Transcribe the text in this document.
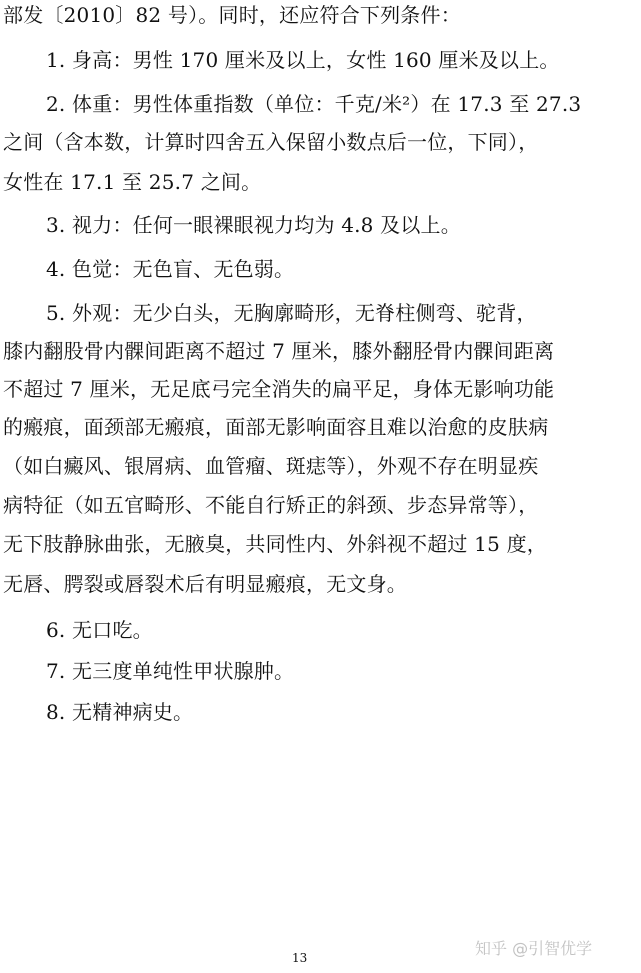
部发〔2010〕82 号）。同时，还应符合下列条件：
1. 身高：男性 170 厘米及以上，女性 160 厘米及以上。
2. 体重：男性体重指数（单位：千克/米²）在 17.3 至 27.3
之间（含本数，计算时四舍五入保留小数点后一位，下同），
女性在 17.1 至 25.7 之间。
3. 视力：任何一眼裸眼视力均为 4.8 及以上。
4. 色觉：无色盲、无色弱。
5. 外观：无少白头，无胸廓畸形，无脊柱侧弯、驼背，
膝内翻股骨内髁间距离不超过 7 厘米，膝外翻胫骨内髁间距离
不超过 7 厘米，无足底弓完全消失的扁平足，身体无影响功能
的瘢痕，面颈部无瘢痕，面部无影响面容且难以治愈的皮肤病
（如白癜风、银屑病、血管瘤、斑痣等），外观不存在明显疾
病特征（如五官畸形、不能自行矫正的斜颈、步态异常等），
无下肢静脉曲张，无腋臭，共同性内、外斜视不超过 15 度，
无唇、腭裂或唇裂术后有明显瘢痕，无文身。
6. 无口吃。
7. 无三度单纯性甲状腺肿。
8. 无精神病史。
13	知乎 @引智优学
